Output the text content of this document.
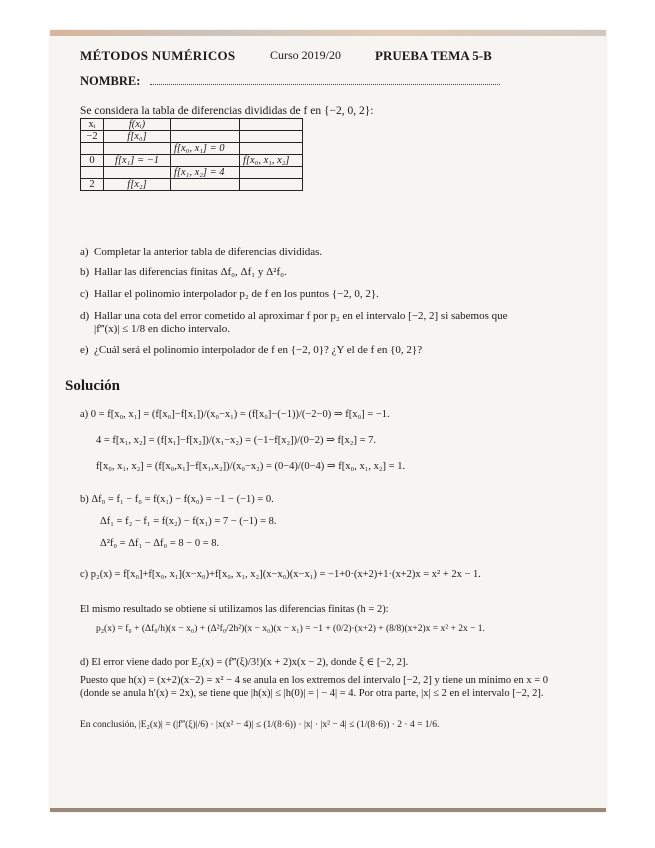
MÉTODOS NUMÉRICOS	Curso 2019/20	PRUEBA TEMA 5-B
NOMBRE:
Se considera la tabla de diferencias divididas de f en {−2, 0, 2}:
xᵢ	f(xᵢ)		
−2	f[x₀]		
		f[x₀, x₁] = 0	
0	f[x₁] = −1		f[x₀, x₁, x₂]
		f[x₁, x₂] = 4	
2	f[x₂]		
a) Completar la anterior tabla de diferencias divididas.
b) Hallar las diferencias finitas Δf₀, Δf₁ y Δ²f₀.
c) Hallar el polinomio interpolador p₂ de f en los puntos {−2, 0, 2}.
d) Hallar una cota del error cometido al aproximar f por p₂ en el intervalo [−2, 2] si sabemos que |f‴(x)| ≤ 1/8 en dicho intervalo.
e) ¿Cuál será el polinomio interpolador de f en {−2, 0}? ¿Y el de f en {0, 2}?
Solución
a) 0 = f[x₀, x₁] = (f[x₀]−f[x₁])/(x₀−x₁) = (f[x₀]−(−1))/(−2−0) ⇒ f[x₀] = −1.
4 = f[x₁, x₂] = (f[x₁]−f[x₂])/(x₁−x₂) = (−1−f[x₂])/(0−2) ⇒ f[x₂] = 7.
f[x₀, x₁, x₂] = (f[x₀,x₁]−f[x₁,x₂])/(x₀−x₂) = (0−4)/(0−4) ⇒ f[x₀, x₁, x₂] = 1.
b) Δf₀ = f₁ − f₀ = f(x₁) − f(x₀) = −1 − (−1) = 0.
Δf₁ = f₂ − f₁ = f(x₂) − f(x₁) = 7 − (−1) = 8.
Δ²f₀ = Δf₁ − Δf₀ = 8 − 0 = 8.
c) p₂(x) = f[x₀]+f[x₀, x₁](x−x₀)+f[x₀, x₁, x₂](x−x₀)(x−x₁) = −1+0·(x+2)+1·(x+2)x = x² + 2x − 1.
El mismo resultado se obtiene si utilizamos las diferencias finitas (h = 2):
p₂(x) = f₀ + (Δf₀/h)(x − x₀) + (Δ²f₀/2h²)(x − x₀)(x − x₁) = −1 + (0/2)·(x+2) + (8/8)(x+2)x = x² + 2x − 1.
d) El error viene dado por E₂(x) = (f‴(ξ)/3!)(x + 2)x(x − 2), donde ξ ∈ [−2, 2].
Puesto que h(x) = (x+2)(x−2) = x² − 4 se anula en los extremos del intervalo [−2, 2] y tiene un mínimo en x = 0 (donde se anula h′(x) = 2x), se tiene que |h(x)| ≤ |h(0)| = | − 4| = 4. Por otra parte, |x| ≤ 2 en el intervalo [−2, 2].
En conclusión, |E₂(x)| = (|f‴(ξ)|/6) · |x(x² − 4)| ≤ (1/(8·6)) · |x| · |x² − 4| ≤ (1/(8·6)) · 2 · 4 = 1/6.
